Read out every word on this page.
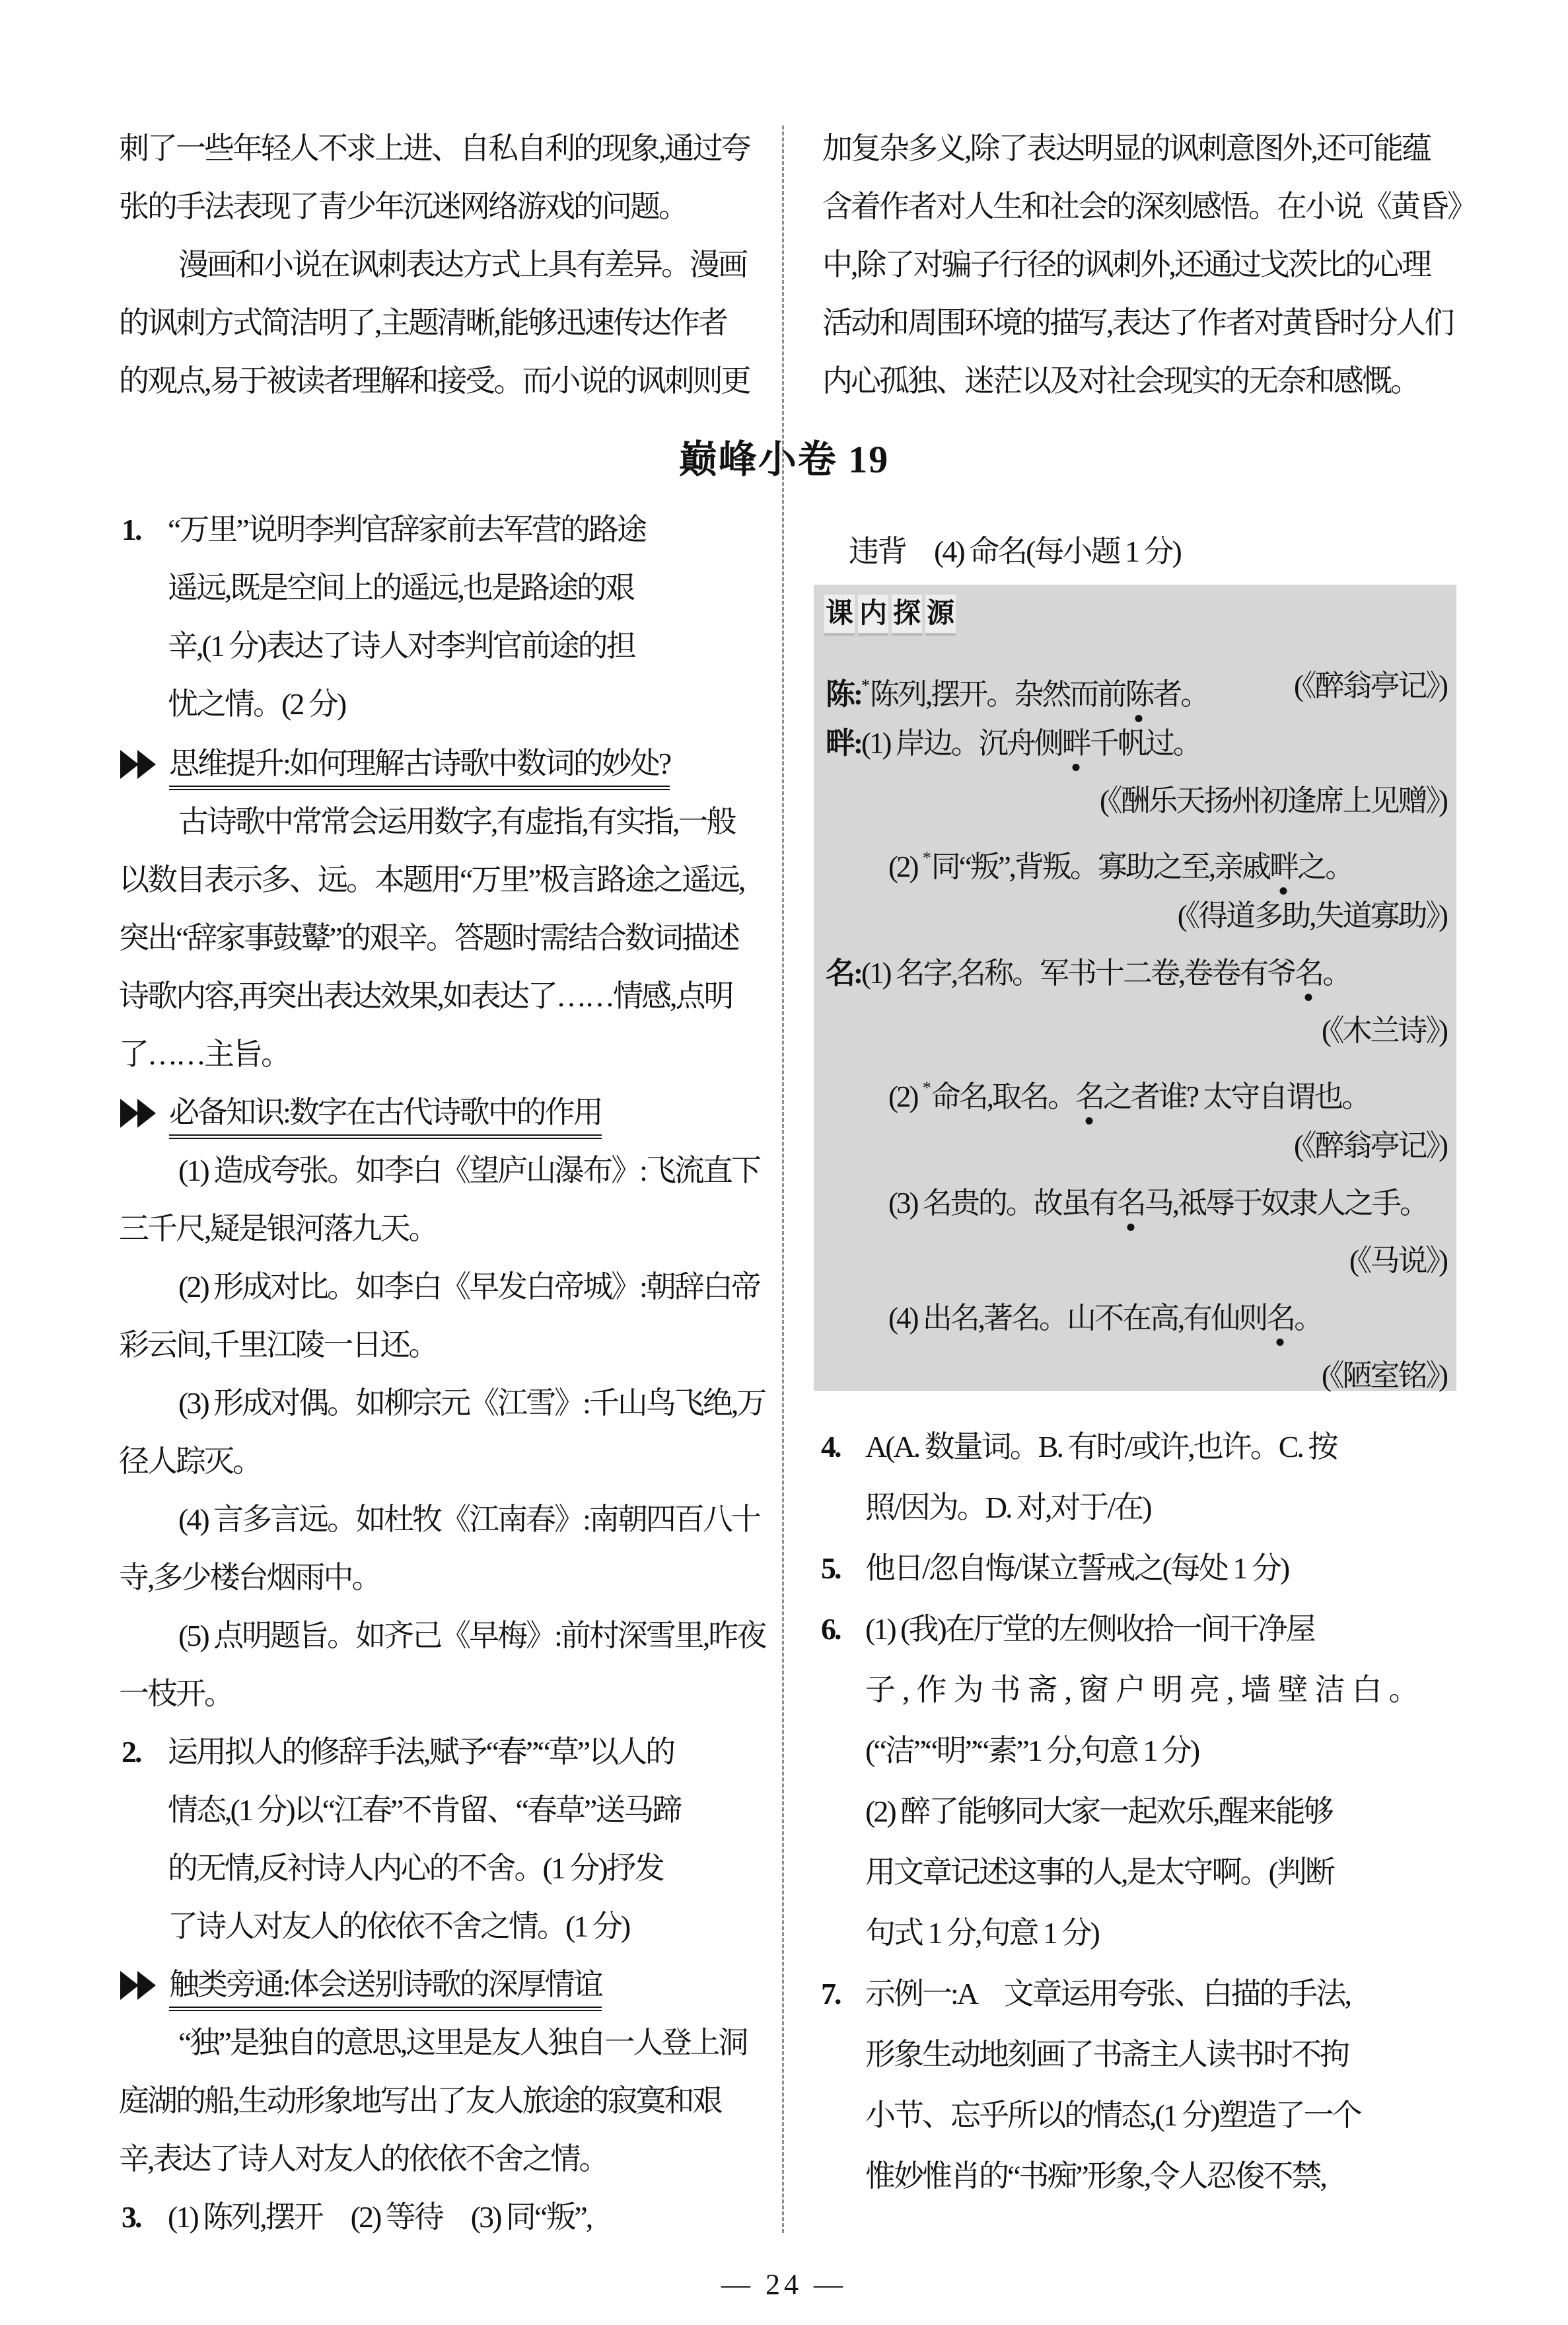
刺了一些年轻人不求上进、自私自利的现象,通过夸
张的手法表现了青少年沉迷网络游戏的问题。
漫画和小说在讽刺表达方式上具有差异。漫画
的讽刺方式简洁明了,主题清晰,能够迅速传达作者
的观点,易于被读者理解和接受。而小说的讽刺则更
加复杂多义,除了表达明显的讽刺意图外,还可能蕴
含着作者对人生和社会的深刻感悟。在小说《黄昏》
中,除了对骗子行径的讽刺外,还通过戈茨比的心理
活动和周围环境的描写,表达了作者对黄昏时分人们
内心孤独、迷茫以及对社会现实的无奈和感慨。
巅峰小卷 19
1. “万里”说明李判官辞家前去军营的路途
遥远,既是空间上的遥远,也是路途的艰
辛,(1 分)表达了诗人对李判官前途的担
忧之情。(2 分)
思维提升:如何理解古诗歌中数词的妙处?
古诗歌中常常会运用数字,有虚指,有实指,一般
以数目表示多、远。本题用“万里”极言路途之遥远,
突出“辞家事鼓鼙”的艰辛。答题时需结合数词描述
诗歌内容,再突出表达效果,如表达了……情感,点明
了……主旨。
必备知识:数字在古代诗歌中的作用
(1) 造成夸张。如李白《望庐山瀑布》:飞流直下
三千尺,疑是银河落九天。
(2) 形成对比。如李白《早发白帝城》:朝辞白帝
彩云间,千里江陵一日还。
(3) 形成对偶。如柳宗元《江雪》:千山鸟飞绝,万
径人踪灭。
(4) 言多言远。如杜牧《江南春》:南朝四百八十
寺,多少楼台烟雨中。
(5) 点明题旨。如齐己《早梅》:前村深雪里,昨夜
一枝开。
2. 运用拟人的修辞手法,赋予“春”“草”以人的
情态,(1 分)以“江春”不肯留、“春草”送马蹄
的无情,反衬诗人内心的不舍。(1 分)抒发
了诗人对友人的依依不舍之情。(1 分)
触类旁通:体会送别诗歌的深厚情谊
“独”是独自的意思,这里是友人独自一人登上洞
庭湖的船,生动形象地写出了友人旅途的寂寞和艰
辛,表达了诗人对友人的依依不舍之情。
3. (1) 陈列,摆开　(2) 等待　(3) 同“叛”,
违背　(4) 命名(每小题 1 分)
课 内 探 源
陈:*陈列,摆开。杂然而前陈者。	(《醉翁亭记》)
畔:(1) 岸边。沉舟侧畔千帆过。
(《酬乐天扬州初逢席上见赠》)
(2) *同“叛”,背叛。寡助之至,亲戚畔之。
(《得道多助,失道寡助》)
名:(1) 名字,名称。军书十二卷,卷卷有爷名。
(《木兰诗》)
(2) *命名,取名。名之者谁? 太守自谓也。
(《醉翁亭记》)
(3) 名贵的。故虽有名马,祗辱于奴隶人之手。
(《马说》)
(4) 出名,著名。山不在高,有仙则名。
(《陋室铭》)
4. A(A. 数量词。B. 有时/或许,也许。C. 按
照/因为。D. 对,对于/在)
5. 他日/忽自悔/谋立誓戒之(每处 1 分)
6. (1) (我)在厅堂的左侧收拾一间干净屋
子,作为书斋,窗户明亮,墙壁洁白。
(“洁”“明”“素”1 分,句意 1 分)
(2) 醉了能够同大家一起欢乐,醒来能够
用文章记述这事的人,是太守啊。(判断
句式 1 分,句意 1 分)
7. 示例一:A　文章运用夸张、白描的手法,
形象生动地刻画了书斋主人读书时不拘
小节、忘乎所以的情态,(1 分)塑造了一个
惟妙惟肖的“书痴”形象,令人忍俊不禁,
— 24 —
